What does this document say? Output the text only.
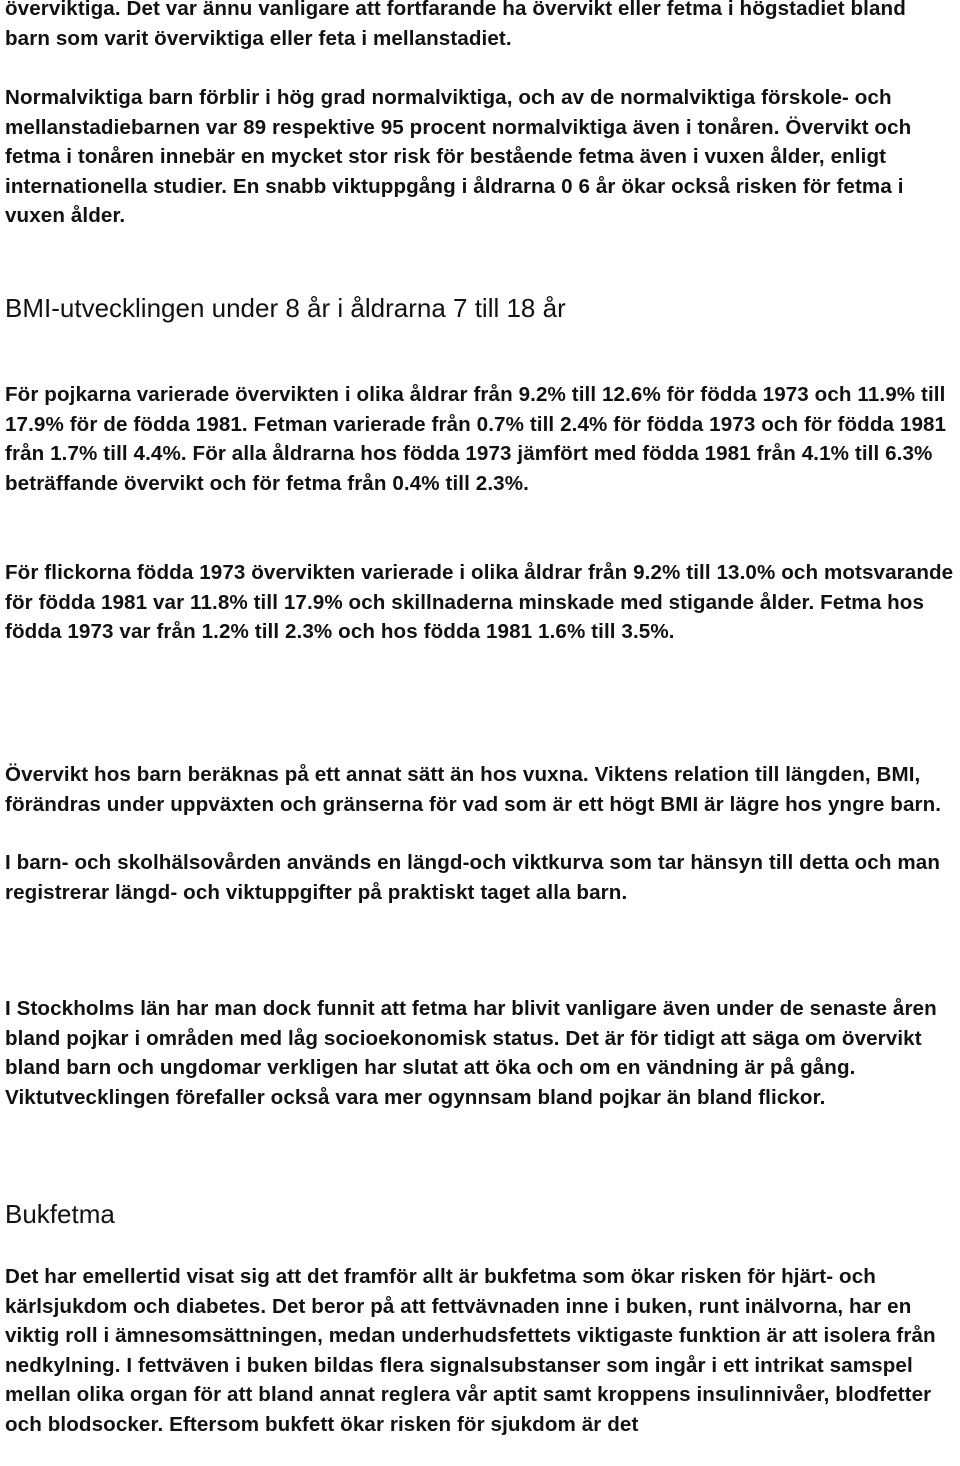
överviktiga. Det var ännu vanligare att fortfarande ha övervikt eller fetma i högstadiet bland barn som varit överviktiga eller feta i mellanstadiet.

Normalviktiga barn förblir i hög grad normalviktiga, och av de normalviktiga förskole- och mellanstadiebarnen var 89 respektive 95 procent normalviktiga även i tonåren. Övervikt och fetma i tonåren innebär en mycket stor risk för bestående fetma även i vuxen ålder, enligt internationella studier. En snabb viktuppgång i åldrarna 0 6 år ökar också risken för fetma i vuxen ålder.

BMI-utvecklingen under 8 år i åldrarna 7 till 18 år

För pojkarna varierade övervikten i olika åldrar från 9.2% till 12.6% för födda 1973 och 11.9% till 17.9% för de födda 1981. Fetman varierade från 0.7% till 2.4% för födda 1973 och för födda 1981 från 1.7% till 4.4%. För alla åldrarna hos födda 1973 jämfört med födda 1981 från 4.1% till 6.3% beträffande övervikt och för fetma från 0.4% till 2.3%.

För flickorna födda 1973 övervikten varierade i olika åldrar från 9.2% till 13.0% och motsvarande för födda 1981 var 11.8% till 17.9% och skillnaderna minskade med stigande ålder. Fetma hos födda 1973 var från 1.2% till 2.3% och hos födda 1981 1.6% till 3.5%.

Övervikt hos barn beräknas på ett annat sätt än hos vuxna. Viktens relation till längden, BMI, förändras under uppväxten och gränserna för vad som är ett högt BMI är lägre hos yngre barn.

I barn- och skolhälsovården används en längd-och viktkurva som tar hänsyn till detta och man registrerar längd- och viktuppgifter på praktiskt taget alla barn.

I Stockholms län har man dock funnit att fetma har blivit vanligare även under de senaste åren bland pojkar i områden med låg socioekonomisk status. Det är för tidigt att säga om övervikt bland barn och ungdomar verkligen har slutat att öka och om en vändning är på gång. Viktutvecklingen förefaller också vara mer ogynnsam bland pojkar än bland flickor.

Bukfetma

Det har emellertid visat sig att det framför allt är bukfetma som ökar risken för hjärt- och kärlsjukdom och diabetes. Det beror på att fettvävnaden inne i buken, runt inälvorna, har en viktig roll i ämnesomsättningen, medan underhudsfettets viktigaste funktion är att isolera från nedkylning. I fettväven i buken bildas flera signalsubstanser som ingår i ett intrikat samspel mellan olika organ för att bland annat reglera vår aptit samt kroppens insulinnivåer, blodfetter och blodsocker. Eftersom bukfett ökar risken för sjukdom är det
